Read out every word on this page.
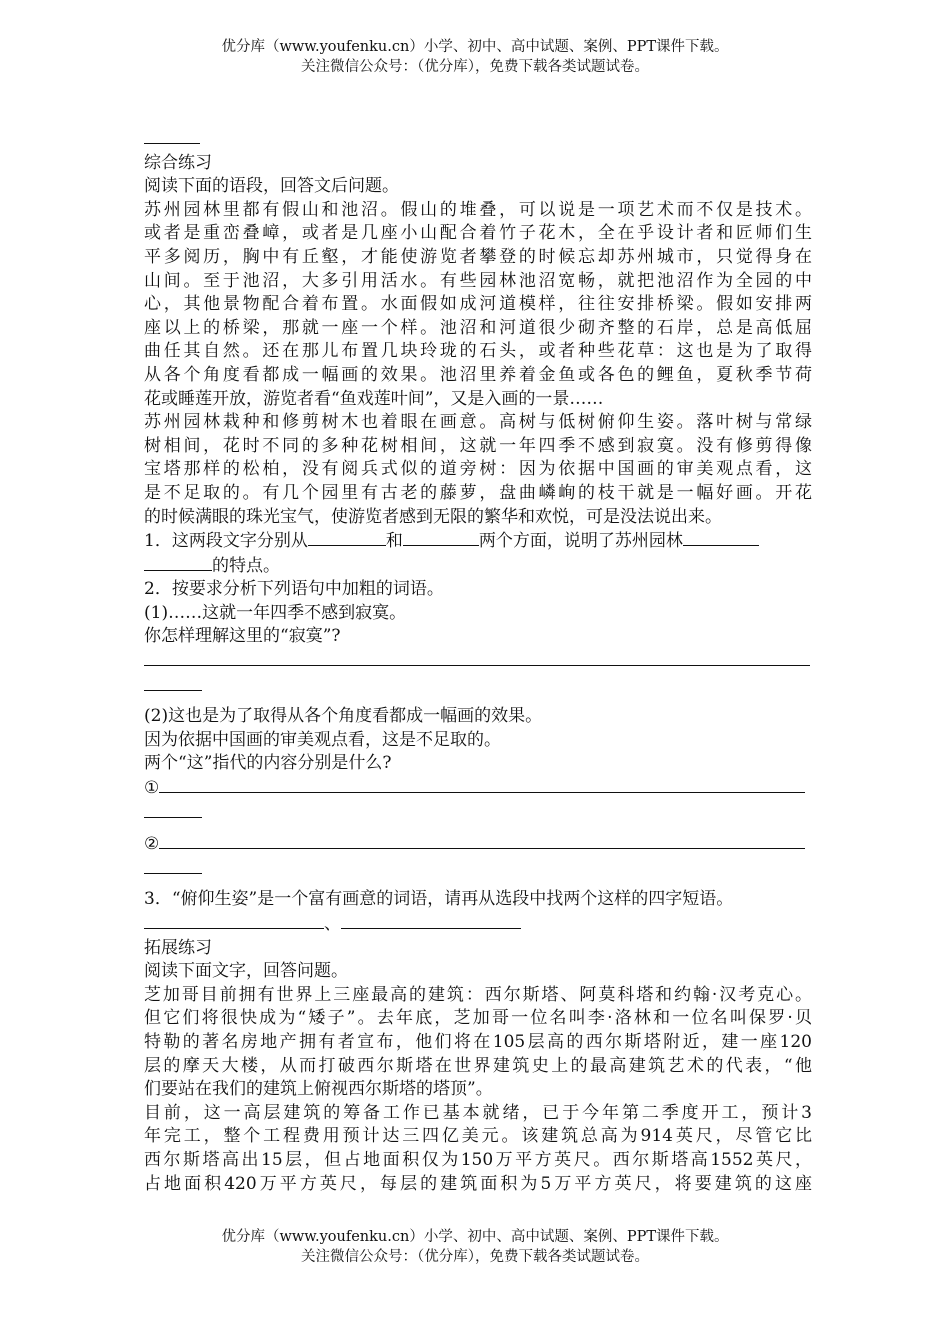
优分库（www.youfenku.cn）小学、初中、高中试题、案例、PPT课件下载。
关注微信公众号：（优分库），免费下载各类试题试卷。
综合练习
阅读下面的语段，回答文后问题。
苏州园林里都有假山和池沼。假山的堆叠，可以说是一项艺术而不仅是技术。
或者是重峦叠嶂，或者是几座小山配合着竹子花木，全在乎设计者和匠师们生
平多阅历，胸中有丘壑，才能使游览者攀登的时候忘却苏州城市，只觉得身在
山间。至于池沼，大多引用活水。有些园林池沼宽畅，就把池沼作为全园的中
心，其他景物配合着布置。水面假如成河道模样，往往安排桥梁。假如安排两
座以上的桥梁，那就一座一个样。池沼和河道很少砌齐整的石岸，总是高低屈
曲任其自然。还在那儿布置几块玲珑的石头，或者种些花草：这也是为了取得
从各个角度看都成一幅画的效果。池沼里养着金鱼或各色的鲤鱼，夏秋季节荷
花或睡莲开放，游览者看“鱼戏莲叶间”，又是入画的一景……
苏州园林栽种和修剪树木也着眼在画意。高树与低树俯仰生姿。落叶树与常绿
树相间，花时不同的多种花树相间，这就一年四季不感到寂寞。没有修剪得像
宝塔那样的松柏，没有阅兵式似的道旁树：因为依据中国画的审美观点看，这
是不足取的。有几个园里有古老的藤萝，盘曲嶙峋的枝干就是一幅好画。开花
的时候满眼的珠光宝气，使游览者感到无限的繁华和欢悦，可是没法说出来。
1．这两段文字分别从	和	两个方面，说明了苏州园林
的特点。
2．按要求分析下列语句中加粗的词语。
(1)……这就一年四季不感到寂寞。
你怎样理解这里的“寂寞”?
(2)这也是为了取得从各个角度看都成一幅画的效果。
因为依据中国画的审美观点看，这是不足取的。
两个“这”指代的内容分别是什么?
①
②
3．“俯仰生姿”是一个富有画意的词语，请再从选段中找两个这样的四字短语。
、
拓展练习
阅读下面文字，回答问题。
芝加哥目前拥有世界上三座最高的建筑：西尔斯塔、阿莫科塔和约翰·汉考克心。
但它们将很快成为“矮子”。去年底，芝加哥一位名叫李·洛林和一位名叫保罗·贝
特勒的著名房地产拥有者宣布，他们将在105层高的西尔斯塔附近，建一座120
层的摩天大楼，从而打破西尔斯塔在世界建筑史上的最高建筑艺术的代表，“他
们要站在我们的建筑上俯视西尔斯塔的塔顶”。
目前，这一高层建筑的筹备工作已基本就绪，已于今年第二季度开工，预计3
年完工，整个工程费用预计达三四亿美元。该建筑总高为914英尺，尽管它比
西尔斯塔高出15层，但占地面积仅为150万平方英尺。西尔斯塔高1552英尺，
占地面积420万平方英尺，每层的建筑面积为5万平方英尺，将要建筑的这座
优分库（www.youfenku.cn）小学、初中、高中试题、案例、PPT课件下载。
关注微信公众号：（优分库），免费下载各类试题试卷。
